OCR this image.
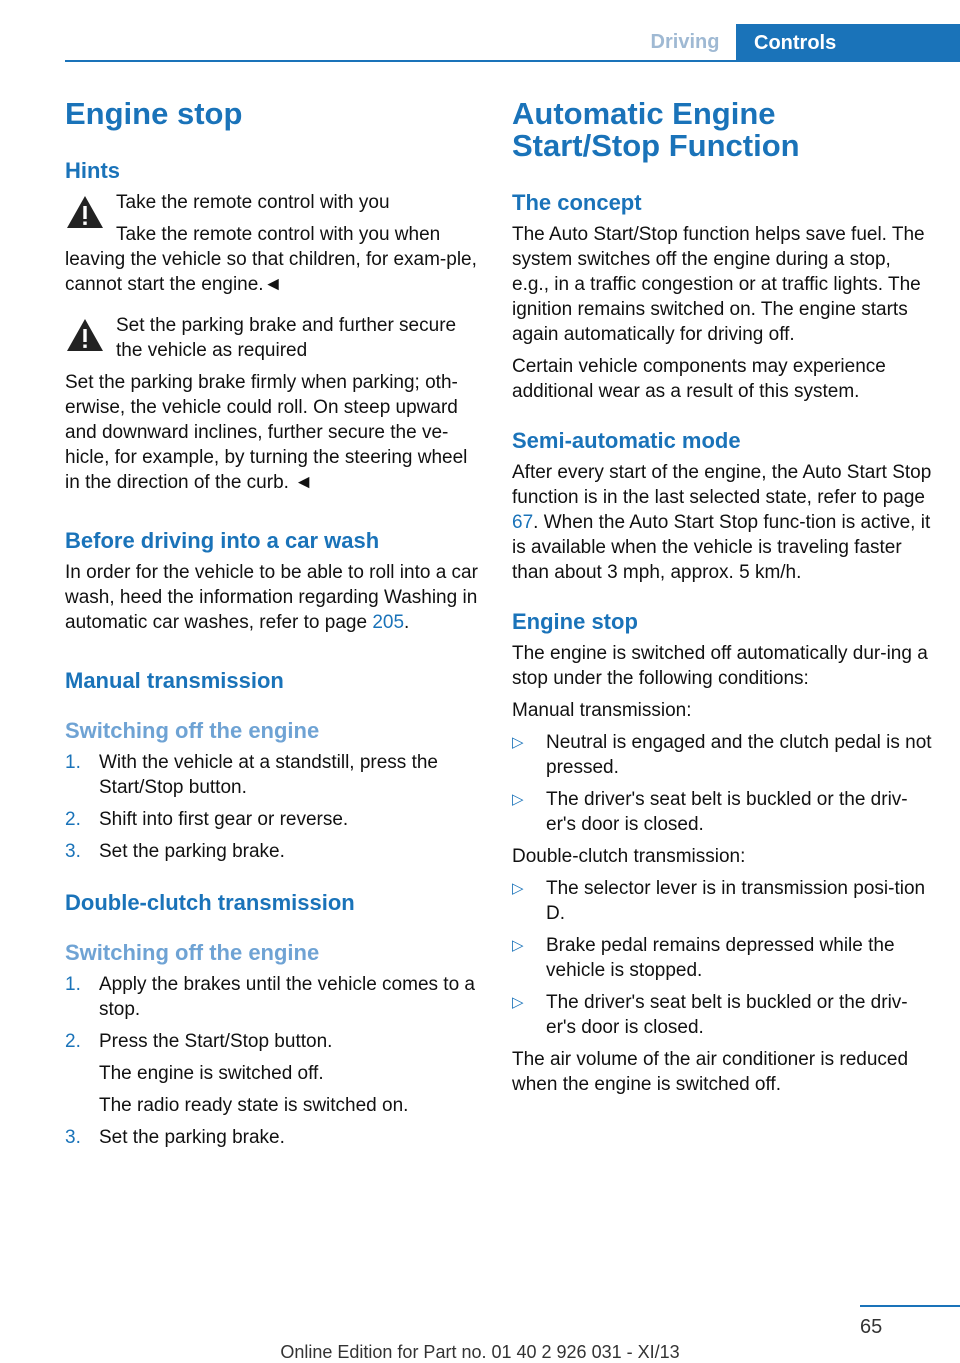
Driving	Controls
Engine stop
Hints
Take the remote control with you

Take the remote control with you when leaving the vehicle so that children, for exam‐ple, cannot start the engine.◄

Set the parking brake and further secure the vehicle as required

Set the parking brake firmly when parking; oth‐erwise, the vehicle could roll. On steep upward and downward inclines, further secure the ve‐hicle, for example, by turning the steering wheel in the direction of the curb. ◄

Before driving into a car wash

In order for the vehicle to be able to roll into a car wash, heed the information regarding Washing in automatic car washes, refer to page 205.

Manual transmission
Switching off the engine
1. With the vehicle at a standstill, press the Start/Stop button.
2. Shift into first gear or reverse.
3. Set the parking brake.
Double-clutch transmission
Switching off the engine
1. Apply the brakes until the vehicle comes to a stop.
2. Press the Start/Stop button.
The engine is switched off.
The radio ready state is switched on.
3. Set the parking brake.
Automatic Engine Start/Stop Function
The concept

The Auto Start/Stop function helps save fuel. The system switches off the engine during a stop, e.g., in a traffic congestion or at traffic lights. The ignition remains switched on. The engine starts again automatically for driving off.

Certain vehicle components may experience additional wear as a result of this system.

Semi-automatic mode

After every start of the engine, the Auto Start Stop function is in the last selected state, refer to page 67. When the Auto Start Stop func‐tion is active, it is available when the vehicle is traveling faster than about 3 mph, approx. 5 km/h.

Engine stop

The engine is switched off automatically dur‐ing a stop under the following conditions:

Manual transmission:

▷	Neutral is engaged and the clutch pedal is not pressed.
▷	The driver's seat belt is buckled or the driv‐er's door is closed.

Double-clutch transmission:

▷	The selector lever is in transmission posi‐tion D.
▷	Brake pedal remains depressed while the vehicle is stopped.
▷	The driver's seat belt is buckled or the driv‐er's door is closed.

The air volume of the air conditioner is reduced when the engine is switched off.

65
Online Edition for Part no. 01 40 2 926 031 - XI/13
